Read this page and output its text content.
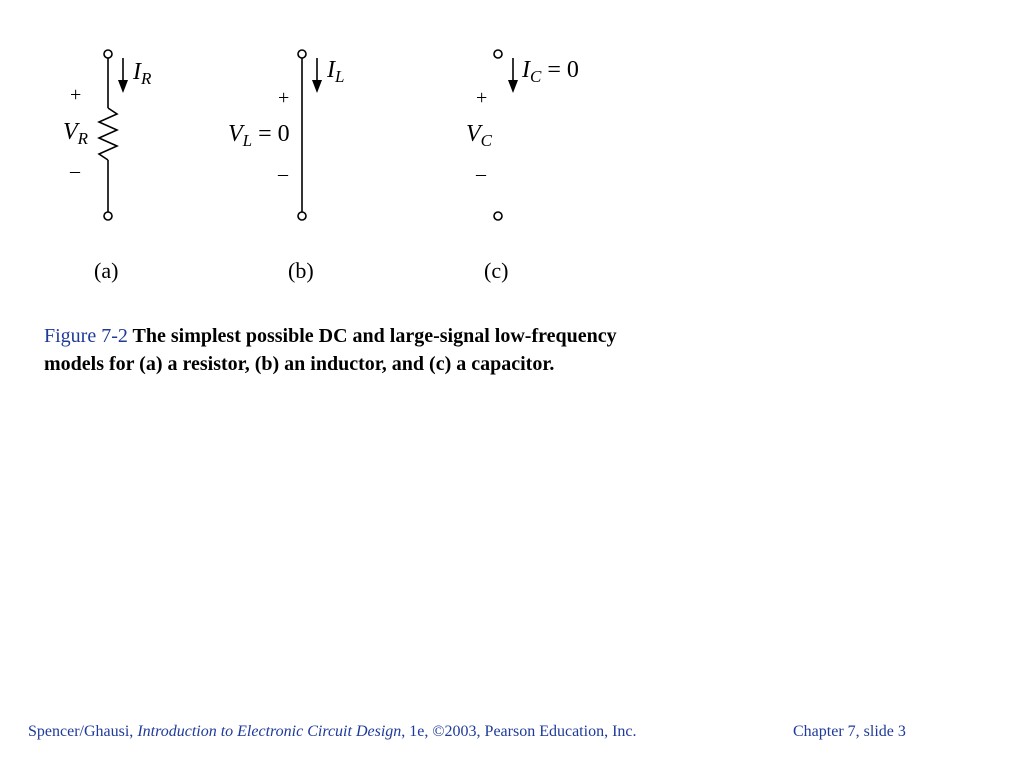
$I_R$
+
$V_R$
–
(a)
$I_L$
+
$V_L = 0$
–
(b)
$I_C = 0$
+
$V_C$
–
(c)
Figure 7-2 The simplest possible DC and large-signal low-frequency models for (a) a resistor, (b) an inductor, and (c) a capacitor.
Spencer/Ghausi, Introduction to Electronic Circuit Design, 1e, ©2003, Pearson Education, Inc.	Chapter 7, slide 3
